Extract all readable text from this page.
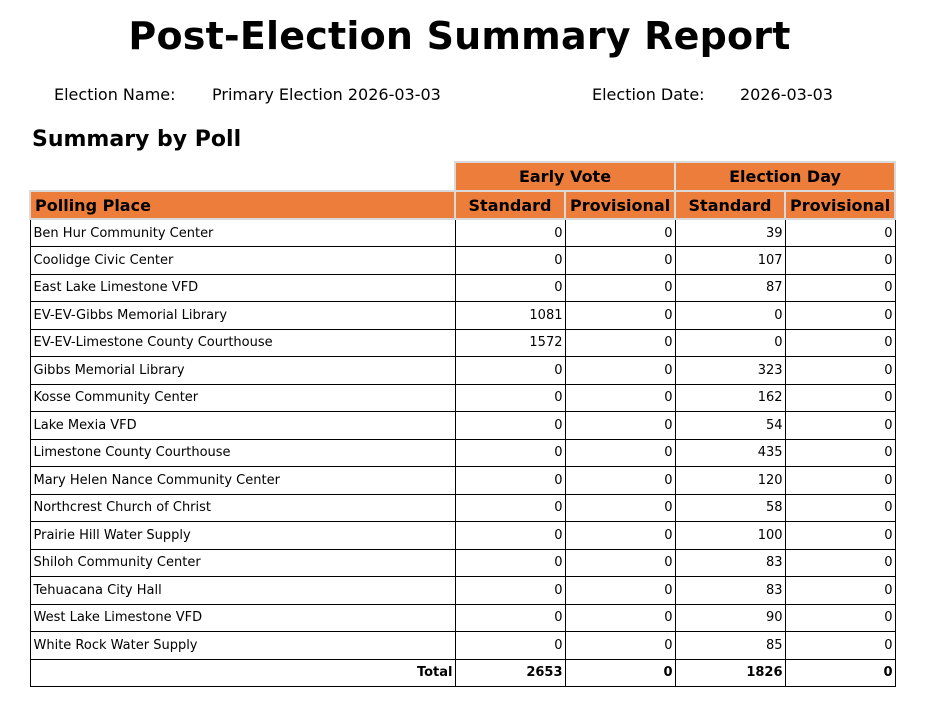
Post-Election Summary Report
Election Name: Primary Election 2026-03-03	Election Date: 2026-03-03
Summary by Poll
	Early Vote		Election Day	
Polling Place	Standard	Provisional	Standard	Provisional
Ben Hur Community Center	0	0	39	0
Coolidge Civic Center	0	0	107	0
East Lake Limestone VFD	0	0	87	0
EV-EV-Gibbs Memorial Library	1081	0	0	0
EV-EV-Limestone County Courthouse	1572	0	0	0
Gibbs Memorial Library	0	0	323	0
Kosse Community Center	0	0	162	0
Lake Mexia VFD	0	0	54	0
Limestone County Courthouse	0	0	435	0
Mary Helen Nance Community Center	0	0	120	0
Northcrest Church of Christ	0	0	58	0
Prairie Hill Water Supply	0	0	100	0
Shiloh Community Center	0	0	83	0
Tehuacana City Hall	0	0	83	0
West Lake Limestone VFD	0	0	90	0
White Rock Water Supply	0	0	85	0
Total	2653	0	1826	0
